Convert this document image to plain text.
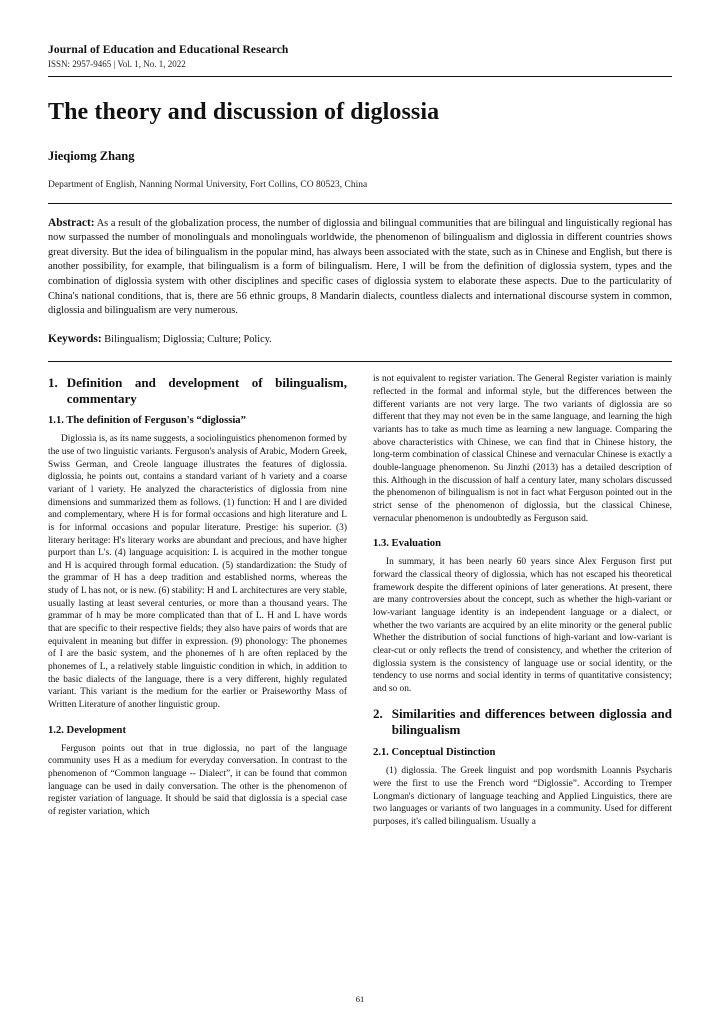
Journal of Education and Educational Research
ISSN: 2957-9465 | Vol. 1, No. 1, 2022
The theory and discussion of diglossia
Jieqiomg Zhang
Department of English, Nanning Normal University, Fort Collins, CO 80523, China
Abstract: As a result of the globalization process, the number of diglossia and bilingual communities that are bilingual and linguistically regional has now surpassed the number of monolinguals and monolinguals worldwide, the phenomenon of bilingualism and diglossia in different countries shows great diversity. But the idea of bilingualism in the popular mind, has always been associated with the state, such as in Chinese and English, but there is another possibility, for example, that bilingualism is a form of bilingualism. Here, I will be from the definition of diglossia system, types and the combination of diglossia system with other disciplines and specific cases of diglossia system to elaborate these aspects. Due to the particularity of China's national conditions, that is, there are 56 ethnic groups, 8 Mandarin dialects, countless dialects and international discourse system in common, diglossia and bilingualism are very numerous.
Keywords: Bilingualism; Diglossia; Culture; Policy.
1. Definition and development of bilingualism, commentary
1.1. The definition of Ferguson's “diglossia”

Diglossia is, as its name suggests, a sociolinguistics phenomenon formed by the use of two linguistic variants. Ferguson's analysis of Arabic, Modern Greek, Swiss German, and Creole language illustrates the features of diglossia. diglossia, he points out, contains a standard variant of h variety and a coarse variant of l variety. He analyzed the characteristics of diglossia from nine dimensions and summarized them as follows. (1) function: H and l are divided and complementary, where H is for formal occasions and high literature and L is for informal occasions and popular literature. Prestige: his superior. (3) literary heritage: H's literary works are abundant and precious, and have higher purport than L's. (4) language acquisition: L is acquired in the mother tongue and H is acquired through formal education. (5) standardization: the Study of the grammar of H has a deep tradition and established norms, whereas the study of L has not, or is new. (6) stability: H and L architectures are very stable, usually lasting at least several centuries, or more than a thousand years. The grammar of h may be more complicated than that of L. H and L have words that are specific to their respective fields; they also have pairs of words that are equivalent in meaning but differ in expression. (9) phonology: The phonemes of I are the basic system, and the phonemes of h are often replaced by the phonemes of L, a relatively stable linguistic condition in which, in addition to the basic dialects of the language, there is a very different, highly regulated variant. This variant is the medium for the earlier or Praiseworthy Mass of Written Literature of another linguistic group.

1.2. Development

Ferguson points out that in true diglossia, no part of the language community uses H as a medium for everyday conversation. In contrast to the phenomenon of “Common language -- Dialect”, it can be found that common language can be used in daily conversation. The other is the phenomenon of register variation of language. It should be said that diglossia is a special case of register variation, which

is not equivalent to register variation. The General Register variation is mainly reflected in the formal and informal style, but the differences between the different variants are not very large. The two variants of diglossia are so different that they may not even be in the same language, and learning the high variants has to take as much time as learning a new language. Comparing the above characteristics with Chinese, we can find that in Chinese history, the long-term combination of classical Chinese and vernacular Chinese is exactly a double-language phenomenon. Su Jinzhi (2013) has a detailed description of this. Although in the discussion of half a century later, many scholars discussed the phenomenon of bilingualism is not in fact what Ferguson pointed out in the strict sense of the phenomenon of diglossia, but the classical Chinese, vernacular phenomenon is undoubtedly as Ferguson said.

1.3. Evaluation

In summary, it has been nearly 60 years since Alex Ferguson first put forward the classical theory of diglossia, which has not escaped his theoretical framework despite the different opinions of later generations. At present, there are many controversies about the concept, such as whether the high-variant or low-variant language identity is an independent language or a dialect, or whether the two variants are acquired by an elite minority or the general public Whether the distribution of social functions of high-variant and low-variant is clear-cut or only reflects the trend of consistency, and whether the criterion of diglossia system is the consistency of language use or social identity, or the tendency to use norms and social identity in terms of quantitative consistency; and so on.

2. Similarities and differences between diglossia and bilingualism
2.1. Conceptual Distinction

(1) diglossia. The Greek linguist and pop wordsmith Loannis Psycharis were the first to use the French word “Diglossie”. According to Tremper Longman's dictionary of language teaching and Applied Linguistics, there are two languages or variants of two languages in a community. Used for different purposes, it's called bilingualism. Usually a

61
